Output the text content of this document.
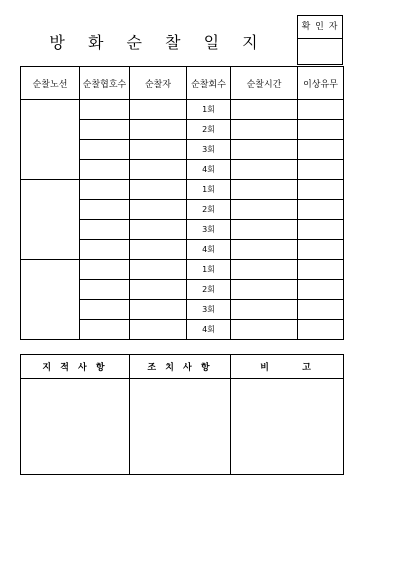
방 화 순 찰 일 지
확 인 자
순찰노선	순찰협호수	순찰자	순찰회수	순찰시간	이상유무
			1회		
			2회		
			3회		
			4회		
			1회		
			2회		
			3회		
			4회		
			1회		
			2회		
			3회		
			4회		
지 적 사 항	조 치 사 항	비 고
